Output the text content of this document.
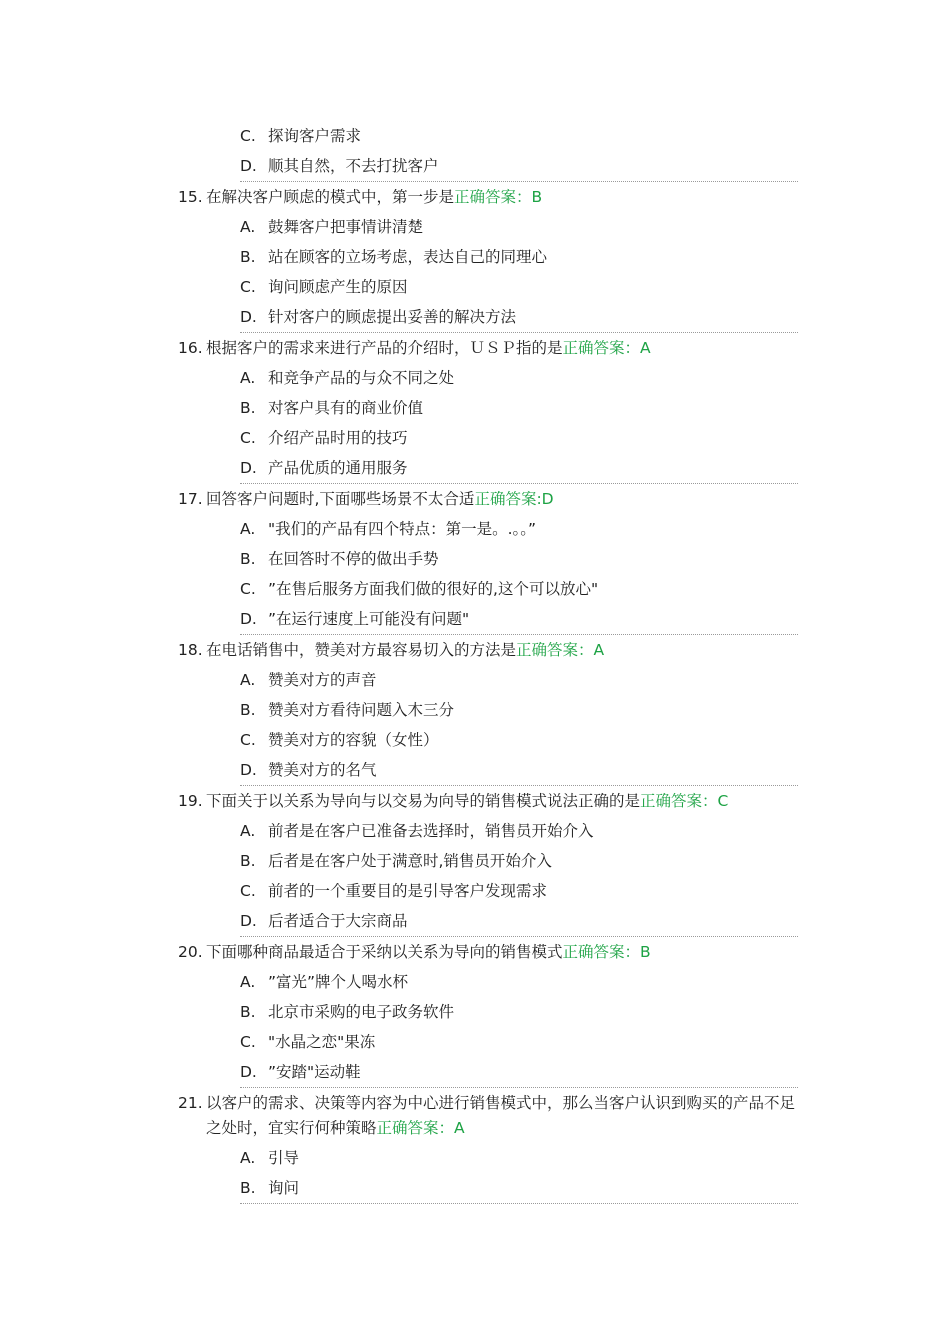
C. 探询客户需求
D. 顺其自然，不去打扰客户
15. 在解决客户顾虑的模式中，第一步是正确答案：B
A. 鼓舞客户把事情讲清楚
B. 站在顾客的立场考虑，表达自己的同理心
C. 询问顾虑产生的原因
D. 针对客户的顾虑提出妥善的解决方法
16. 根据客户的需求来进行产品的介绍时，ＵＳＰ指的是正确答案：A
A. 和竞争产品的与众不同之处
B. 对客户具有的商业价值
C. 介绍产品时用的技巧
D. 产品优质的通用服务
17. 回答客户问题时,下面哪些场景不太合适正确答案:D
A. "我们的产品有四个特点：第一是。.。。”
B. 在回答时不停的做出手势
C. ”在售后服务方面我们做的很好的,这个可以放心"
D. ”在运行速度上可能没有问题"
18. 在电话销售中，赞美对方最容易切入的方法是正确答案：A
A. 赞美对方的声音
B. 赞美对方看待问题入木三分
C. 赞美对方的容貌（女性）
D. 赞美对方的名气
19. 下面关于以关系为导向与以交易为向导的销售模式说法正确的是正确答案：C
A. 前者是在客户已准备去选择时，销售员开始介入
B. 后者是在客户处于满意时,销售员开始介入
C. 前者的一个重要目的是引导客户发现需求
D. 后者适合于大宗商品
20. 下面哪种商品最适合于采纳以关系为导向的销售模式正确答案：B
A. ”富光”牌个人喝水杯
B. 北京市采购的电子政务软件
C. "水晶之恋"果冻
D. ”安踏"运动鞋
21. 以客户的需求、决策等内容为中心进行销售模式中，那么当客户认识到购买的产品不足之处时，宜实行何种策略正确答案：A
A. 引导
B. 询问
